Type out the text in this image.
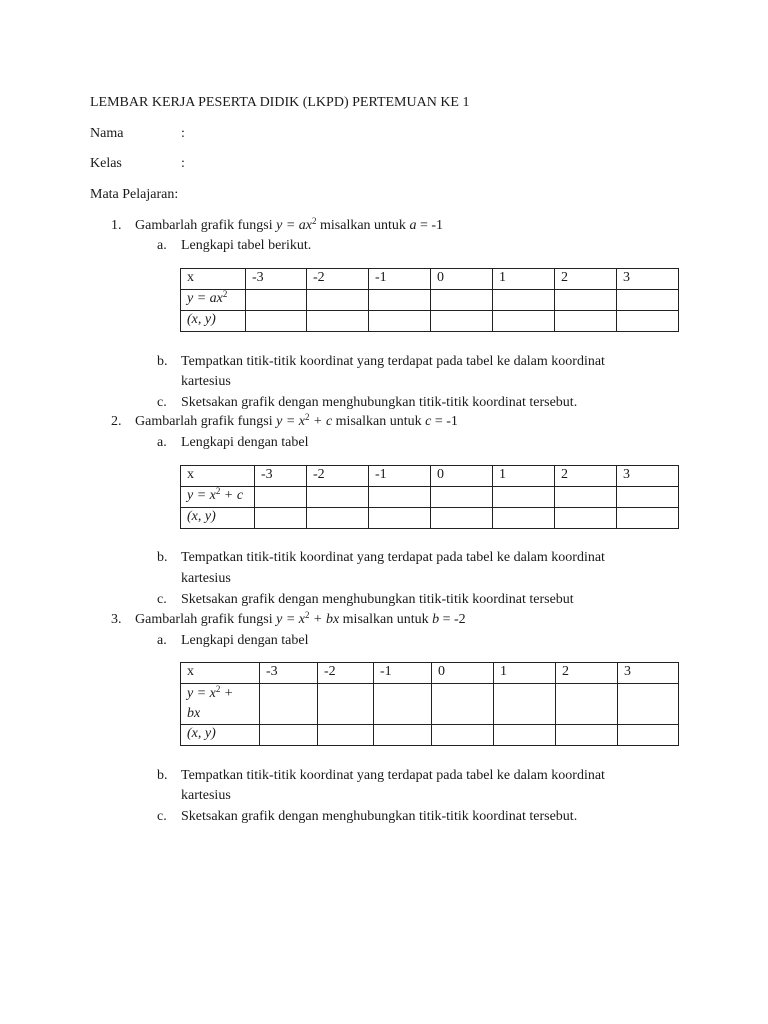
LEMBAR KERJA PESERTA DIDIK (LKPD) PERTEMUAN KE 1
Nama	:
Kelas	:
Mata Pelajaran:
1. Gambarlah grafik fungsi $y = ax^2$ misalkan untuk a = -1
a. Lengkapi tabel berikut.
x	-3	-2	-1	0	1	2	3
$y = ax^2$							
(x, y)							
b. Tempatkan titik-titik koordinat yang terdapat pada tabel ke dalam koordinat
kartesius
c. Sketsakan grafik dengan menghubungkan titik-titik koordinat tersebut.
2. Gambarlah grafik fungsi $y = x^2 + c$ misalkan untuk c = -1
a. Lengkapi dengan tabel
x	-3	-2	-1	0	1	2	3
$y = x^2 + c$							
(x, y)							
b. Tempatkan titik-titik koordinat yang terdapat pada tabel ke dalam koordinat
kartesius
c. Sketsakan grafik dengan menghubungkan titik-titik koordinat tersebut
3. Gambarlah grafik fungsi $y = x^2$ + bx misalkan untuk b = -2
a. Lengkapi dengan tabel
x	-3	-2	-1	0	1	2	3
$y = x^2$ +
bx							
(x, y)							
b. Tempatkan titik-titik koordinat yang terdapat pada tabel ke dalam koordinat
kartesius
c. Sketsakan grafik dengan menghubungkan titik-titik koordinat tersebut.
